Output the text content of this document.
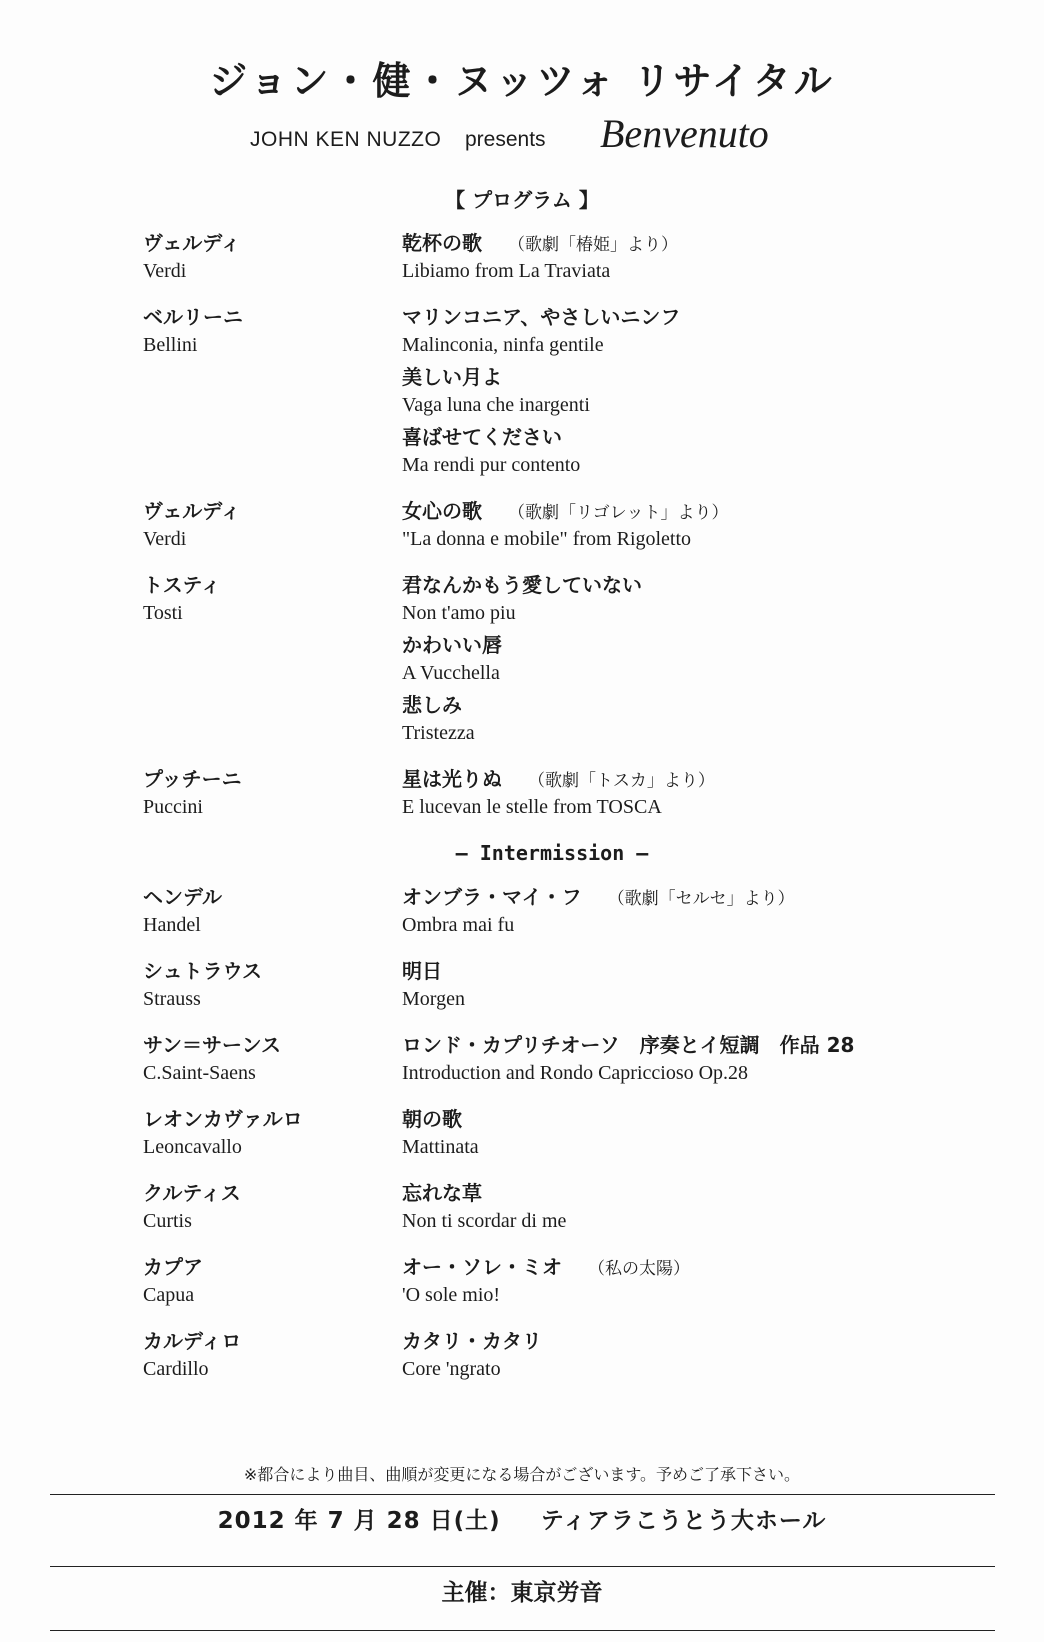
ジョン・健・ヌッツォ リサイタル
JOHN KEN NUZZO presents Benvenuto
【 プログラム 】
ヴェルディ
Verdi
乾杯の歌 （歌劇「椿姫」より）
Libiamo from La Traviata
ベルリーニ
Bellini
マリンコニア、やさしいニンフ
Malinconia, ninfa gentile
美しい月よ
Vaga luna che inargenti
喜ばせてください
Ma rendi pur contento
ヴェルディ
Verdi
女心の歌 （歌劇「リゴレット」より）
"La donna e mobile" from Rigoletto
トスティ
Tosti
君なんかもう愛していない
Non t'amo piu
かわいい唇
A Vucchella
悲しみ
Tristezza
プッチーニ
Puccini
星は光りぬ （歌劇「トスカ」より）
E lucevan le stelle from TOSCA
— Intermission —
ヘンデル
Handel
オンブラ・マイ・フ （歌劇「セルセ」より）
Ombra mai fu
シュトラウス
Strauss
明日
Morgen
サン＝サーンス
C.Saint-Saens
ロンド・カプリチオーソ　序奏とイ短調　作品 28
Introduction and Rondo Capriccioso Op.28
レオンカヴァルロ
Leoncavallo
朝の歌
Mattinata
クルティス
Curtis
忘れな草
Non ti scordar di me
カプア
Capua
オー・ソレ・ミオ （私の太陽）
'O sole mio!
カルディロ
Cardillo
カタリ・カタリ
Core 'ngrato
※都合により曲目、曲順が変更になる場合がございます。予めご了承下さい。
2012 年 7 月 28 日(土) ティアラこうとう大ホール
主催：東京労音
